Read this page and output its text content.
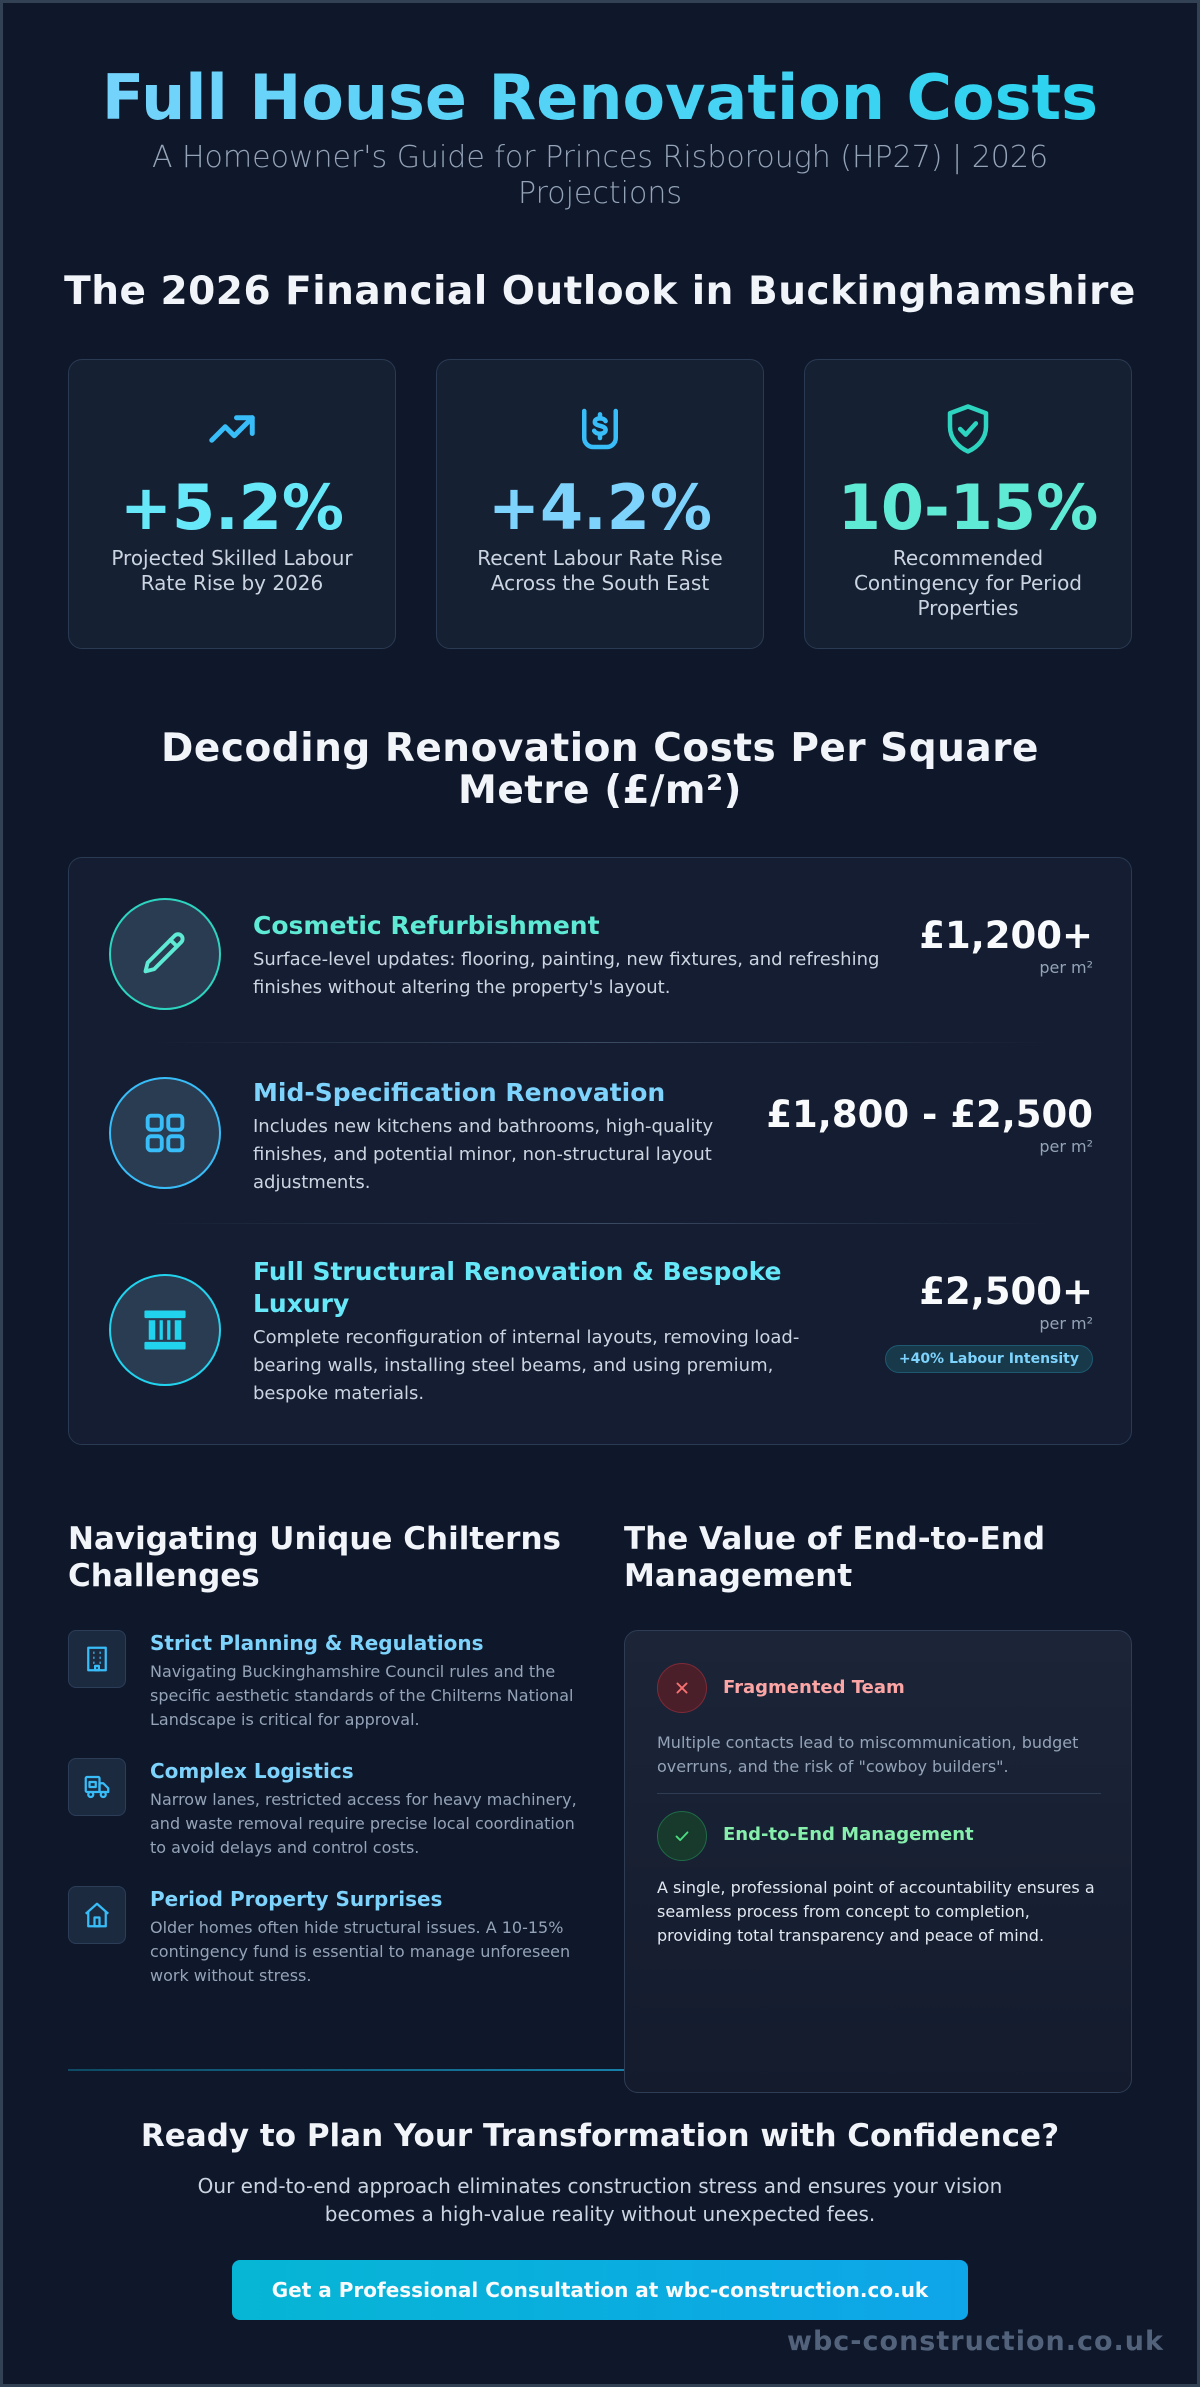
Full House Renovation Costs

A Homeowner's Guide for Princes Risborough (HP27) | 2026 Projections

The 2026 Financial Outlook in Buckinghamshire
+5.2%
Projected Skilled Labour Rate Rise by 2026
+4.2%
Recent Labour Rate Rise Across the South East
10-15%
Recommended Contingency for Period Properties
Decoding Renovation Costs Per Square Metre (£/m²)
Cosmetic Refurbishment
Surface-level updates: flooring, painting, new fixtures, and refreshing finishes without altering the property's layout.
£1,200+
per m²
Mid-Specification Renovation
Includes new kitchens and bathrooms, high-quality finishes, and potential minor, non-structural layout adjustments.
£1,800 - £2,500
per m²
Full Structural Renovation & Bespoke Luxury
Complete reconfiguration of internal layouts, removing load-bearing walls, installing steel beams, and using premium, bespoke materials.
£2,500+
per m²
+40% Labour Intensity
Navigating Unique Chilterns Challenges
Strict Planning & Regulations
Navigating Buckinghamshire Council rules and the specific aesthetic standards of the Chilterns National Landscape is critical for approval.
Complex Logistics
Narrow lanes, restricted access for heavy machinery, and waste removal require precise local coordination to avoid delays and control costs.
Period Property Surprises
Older homes often hide structural issues. A 10-15% contingency fund is essential to manage unforeseen work without stress.
The Value of End-to-End Management
Fragmented Team
Multiple contacts lead to miscommunication, budget overruns, and the risk of "cowboy builders".
End-to-End Management
A single, professional point of accountability ensures a seamless process from concept to completion, providing total transparency and peace of mind.
Ready to Plan Your Transformation with Confidence?
Our end-to-end approach eliminates construction stress and ensures your vision becomes a high-value reality without unexpected fees.
Get a Professional Consultation at wbc-construction.co.uk
wbc-construction.co.uk
